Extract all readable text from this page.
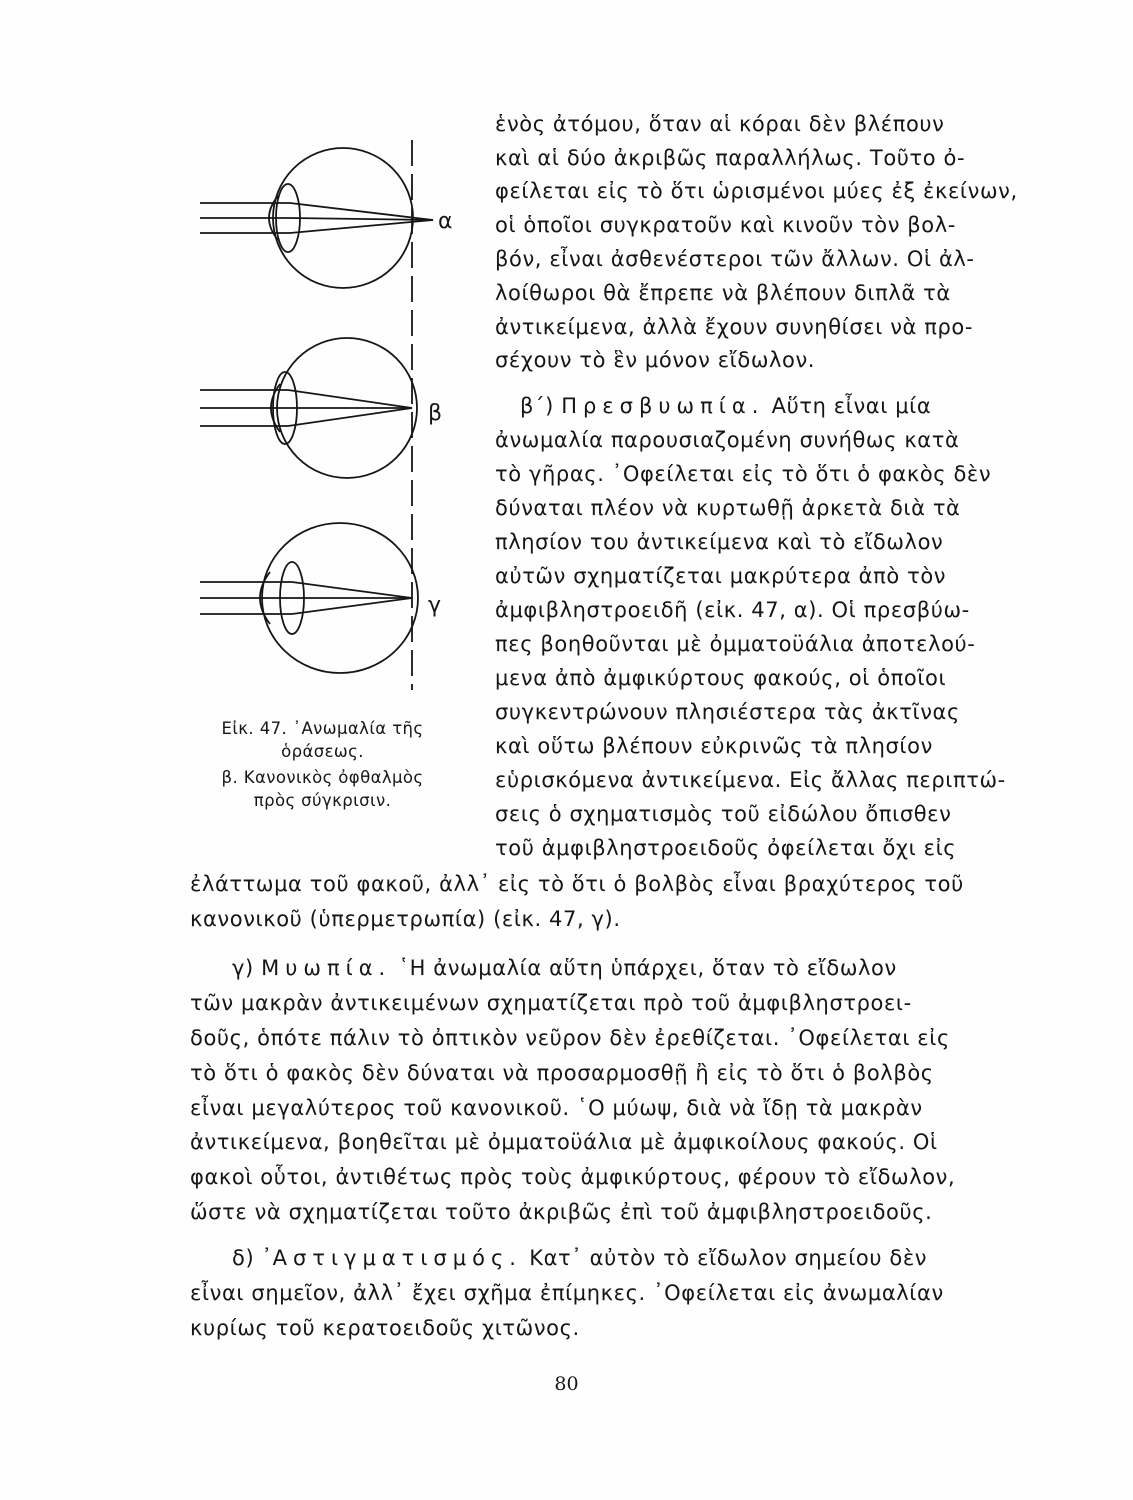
α
β
γ
Εἰκ. 47. ᾿Ανωμαλία τῆς
ὁράσεως.
β. Κανονικὸς ὀφθαλμὸς
πρὸς σύγκρισιν.
ἑνὸς ἀτόμου, ὅταν αἱ κόραι δὲν βλέπουν
καὶ αἱ δύο ἀκριβῶς παραλλήλως. Τοῦτο ὀ-
φείλεται εἰς τὸ ὅτι ὡρισμένοι μύες ἐξ ἐκείνων,
οἱ ὁποῖοι συγκρατοῦν καὶ κινοῦν τὸν βολ-
βόν, εἶναι ἀσθενέστεροι τῶν ἄλλων. Οἱ ἀλ-
λοίθωροι θὰ ἔπρεπε νὰ βλέπουν διπλᾶ τὰ
ἀντικείμενα, ἀλλὰ ἔχουν συνηθίσει νὰ προ-
σέχουν τὸ ἓν μόνον εἴδωλον.
β΄) Πρεσβυωπία. Αὕτη εἶναι μία
ἀνωμαλία παρουσιαζομένη συνήθως κατὰ
τὸ γῆρας. ᾿Οφείλεται εἰς τὸ ὅτι ὁ φακὸς δὲν
δύναται πλέον νὰ κυρτωθῇ ἀρκετὰ διὰ τὰ
πλησίον του ἀντικείμενα καὶ τὸ εἴδωλον
αὐτῶν σχηματίζεται μακρύτερα ἀπὸ τὸν
ἀμφιβληστροειδῆ (εἰκ. 47, α). Οἱ πρεσβύω-
πες βοηθοῦνται μὲ ὀμματοϋάλια ἀποτελού-
μενα ἀπὸ ἀμφικύρτους φακούς, οἱ ὁποῖοι
συγκεντρώνουν πλησιέστερα τὰς ἀκτῖνας
καὶ οὕτω βλέπουν εὐκρινῶς τὰ πλησίον
εὑρισκόμενα ἀντικείμενα. Εἰς ἄλλας περιπτώ-
σεις ὁ σχηματισμὸς τοῦ εἰδώλου ὄπισθεν
τοῦ ἀμφιβληστροειδοῦς ὀφείλεται ὄχι εἰς
ἐλάττωμα τοῦ φακοῦ, ἀλλ᾿ εἰς τὸ ὅτι ὁ βολβὸς εἶναι βραχύτερος τοῦ
κανονικοῦ (ὑπερμετρωπία) (εἰκ. 47, γ).
γ) Μυωπία. ῾Η ἀνωμαλία αὕτη ὑπάρχει, ὅταν τὸ εἴδωλον
τῶν μακρὰν ἀντικειμένων σχηματίζεται πρὸ τοῦ ἀμφιβληστροει-
δοῦς, ὁπότε πάλιν τὸ ὀπτικὸν νεῦρον δὲν ἐρεθίζεται. ᾿Οφείλεται εἰς
τὸ ὅτι ὁ φακὸς δὲν δύναται νὰ προσαρμοσθῇ ἢ εἰς τὸ ὅτι ὁ βολβὸς
εἶναι μεγαλύτερος τοῦ κανονικοῦ. ῾Ο μύωψ, διὰ νὰ ἴδῃ τὰ μακρὰν
ἀντικείμενα, βοηθεῖται μὲ ὀμματοϋάλια μὲ ἀμφικοίλους φακούς. Οἱ
φακοὶ οὗτοι, ἀντιθέτως πρὸς τοὺς ἀμφικύρτους, φέρουν τὸ εἴδωλον,
ὥστε νὰ σχηματίζεται τοῦτο ἀκριβῶς ἐπὶ τοῦ ἀμφιβληστροειδοῦς.
δ) ᾿Αστιγματισμός. Κατ᾿ αὐτὸν τὸ εἴδωλον σημείου δὲν
εἶναι σημεῖον, ἀλλ᾿ ἔχει σχῆμα ἐπίμηκες. ᾿Οφείλεται εἰς ἀνωμαλίαν
κυρίως τοῦ κερατοειδοῦς χιτῶνος.
80
